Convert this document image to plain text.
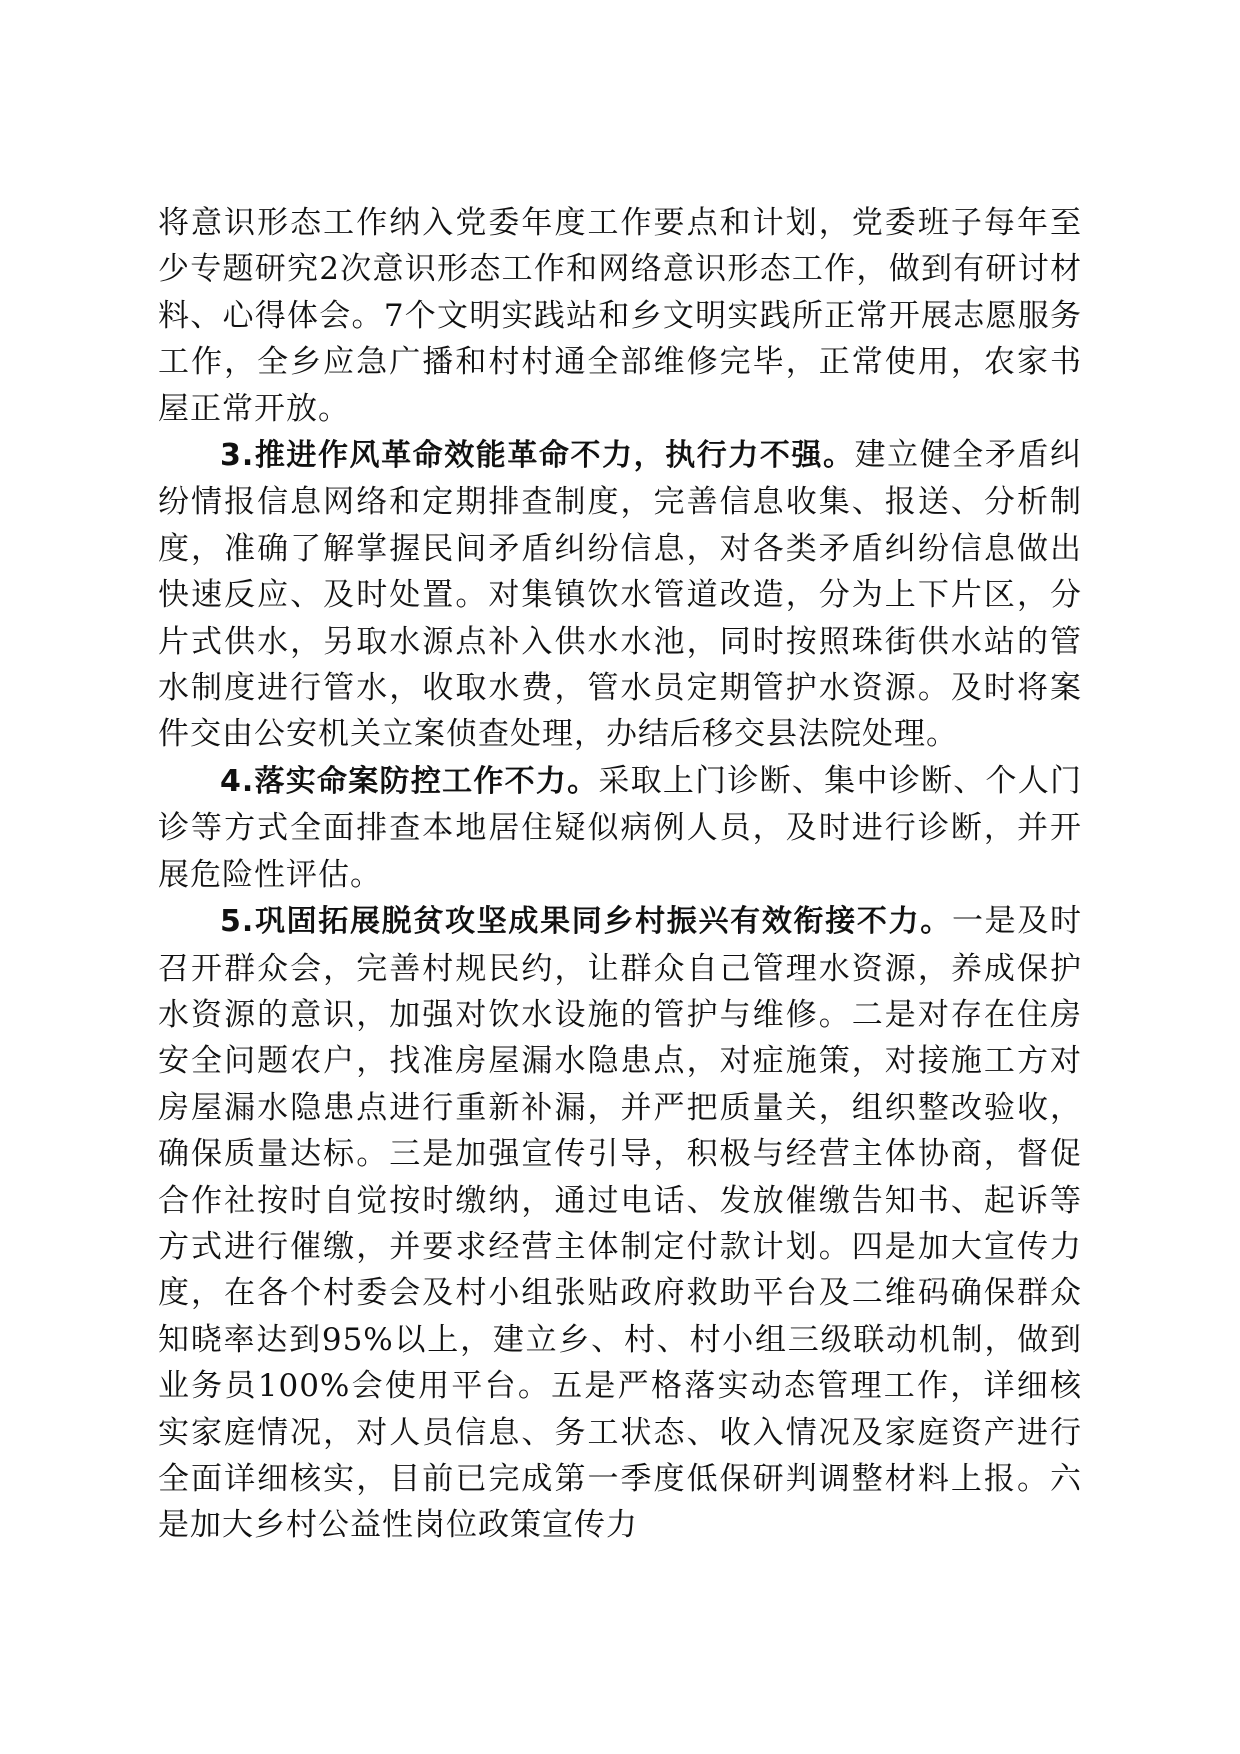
将意识形态工作纳入党委年度工作要点和计划，党委班子每年至少专题研究2次意识形态工作和网络意识形态工作，做到有研讨材料、心得体会。7个文明实践站和乡文明实践所正常开展志愿服务工作，全乡应急广播和村村通全部维修完毕，正常使用，农家书屋正常开放。

3.推进作风革命效能革命不力，执行力不强。建立健全矛盾纠纷情报信息网络和定期排查制度，完善信息收集、报送、分析制度，准确了解掌握民间矛盾纠纷信息，对各类矛盾纠纷信息做出快速反应、及时处置。对集镇饮水管道改造，分为上下片区，分片式供水，另取水源点补入供水水池，同时按照珠街供水站的管水制度进行管水，收取水费，管水员定期管护水资源。及时将案件交由公安机关立案侦查处理，办结后移交县法院处理。

4.落实命案防控工作不力。采取上门诊断、集中诊断、个人门诊等方式全面排查本地居住疑似病例人员，及时进行诊断，并开展危险性评估。

5.巩固拓展脱贫攻坚成果同乡村振兴有效衔接不力。一是及时召开群众会，完善村规民约，让群众自己管理水资源，养成保护水资源的意识，加强对饮水设施的管护与维修。二是对存在住房安全问题农户，找准房屋漏水隐患点，对症施策，对接施工方对房屋漏水隐患点进行重新补漏，并严把质量关，组织整改验收，确保质量达标。三是加强宣传引导，积极与经营主体协商，督促合作社按时自觉按时缴纳，通过电话、发放催缴告知书、起诉等方式进行催缴，并要求经营主体制定付款计划。四是加大宣传力度，在各个村委会及村小组张贴政府救助平台及二维码确保群众知晓率达到95%以上，建立乡、村、村小组三级联动机制，做到业务员100%会使用平台。五是严格落实动态管理工作，详细核实家庭情况，对人员信息、务工状态、收入情况及家庭资产进行全面详细核实，目前已完成第一季度低保研判调整材料上报。六是加大乡村公益性岗位政策宣传力
